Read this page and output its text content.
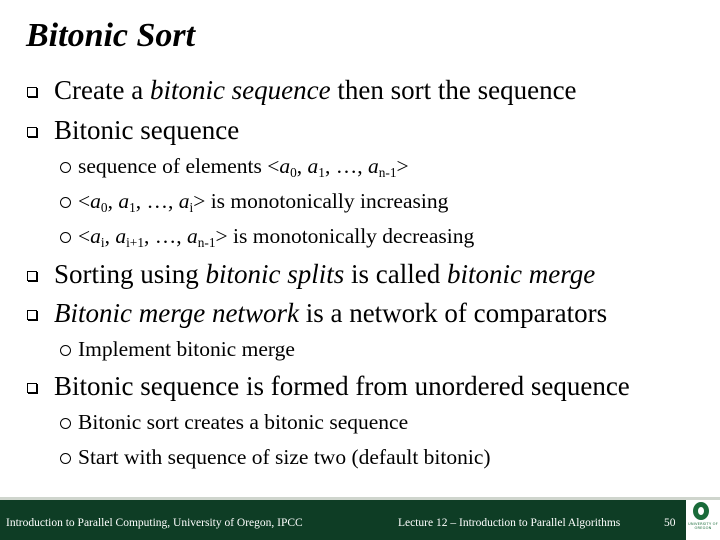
Bitonic Sort
Create a bitonic sequence then sort the sequence
Bitonic sequence
sequence of elements $<a_0$, $a_1$, …, $a_{n-1}>$
$<a_0$, $a_1$, …, $a_i>$ is monotonically increasing
$<a_i$, $a_{i+1}$, …, $a_{n-1}>$ is monotonically decreasing
Sorting using bitonic splits is called bitonic merge
Bitonic merge network is a network of comparators
Implement bitonic merge
Bitonic sequence is formed from unordered sequence
Bitonic sort creates a bitonic sequence
Start with sequence of size two (default bitonic)
Introduction to Parallel Computing, University of Oregon, IPCC	Lecture 12 – Introduction to Parallel Algorithms	50	UNIVERSITY OF OREGON
